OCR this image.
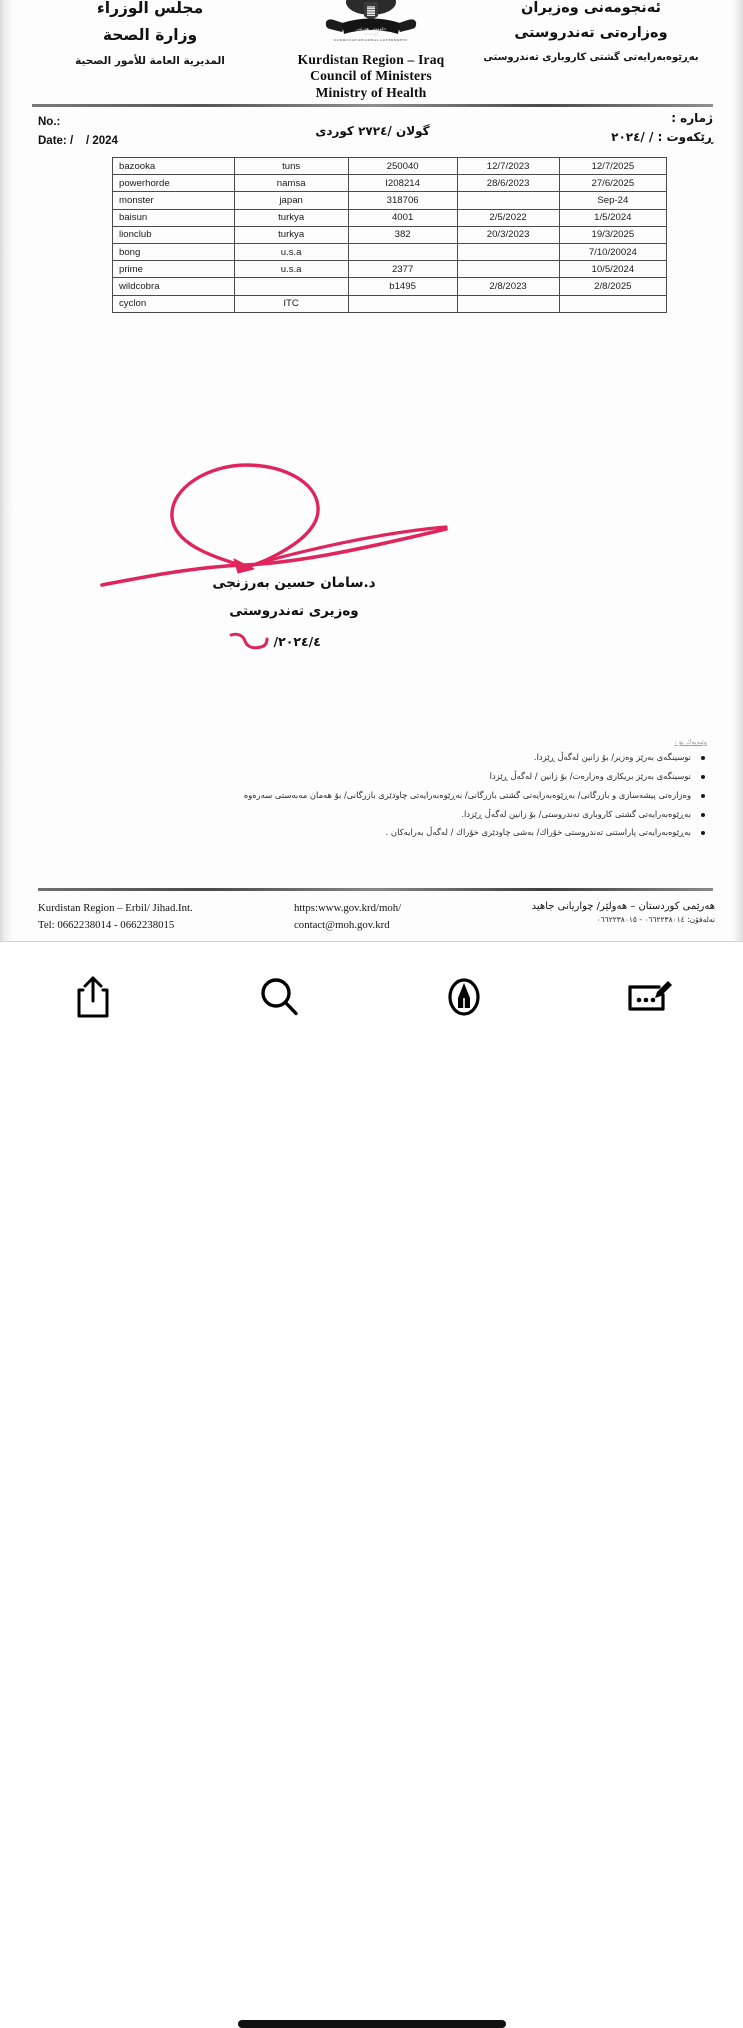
مجلس الوزراء
وزارة الصحة
المديرية العامة للأمور الصحية
حكومةتى هةريَمى
كوردستان
KURDISTAN REGIONAL GOVERNMENT
Kurdistan Region – Iraq
Council of Ministers
Ministry of Health
ئەنجومەنی وەزیران
وەزارەتی تەندروستی
بەڕێوەبەرایەتی گشتی کاروباری تەندروستی
No.:
Date: / / 2024
گولان /٢٧٢٤ کوردی
ژماره :
ڕێکەوت : / /٢٠٢٤
bazooka	tuns	250040	12/7/2023	12/7/2025
powerhorde	namsa	I208214	28/6/2023	27/6/2025
monster	japan	318706		Sep-24
baisun	turkya	4001	2/5/2022	1/5/2024
lionclub	turkya	382	20/3/2023	19/3/2025
bong	u.s.a			7/10/20024
prime	u.s.a	2377		10/5/2024
wildcobra		b1495	2/8/2023	2/8/2025
cyclon	ITC			
د.سامان حسین بەرزنجی
وەزیری تەندروستی
٢٠٢٤/٤/
وێنەیەك بۆ :
نوسینگەی بەرێز وەزیر/ بۆ زانین لەگەڵ ڕێزدا.
نوسینگەی بەرێز بریکاری وەزارەت/ بۆ زانین / لەگەڵ ڕێزدا
وەزارەتی پیشەسازی و بازرگانی/ بەڕێوەبەرایەتی گشتی بازرگانی/ بەڕێوەبەرایەتی چاودێری بازرگانی/ بۆ هەمان مەبەستی سەرەوە
بەڕێوەبەرایەتی گشتی کاروباری تەندروستی/ بۆ زانین لەگەڵ ڕێزدا.
بەڕێوەبەرایەتی پاراستنی تەندروستی خۆراك/ بەشی چاودێری خۆراك / لەگەڵ بەرایەکان .
Kurdistan Region – Erbil/ Jihad.Int.
Tel: 0662238014 - 0662238015
https:www.gov.krd/moh/
contact@moh.gov.krd
هەرێمی کوردستان – هەولێر/ چواریانی جاهید
تەلەفۆن: ٠٦٦٢٢٣٨٠١٤ - ٠٦٦٢٢٣٨٠١٥
